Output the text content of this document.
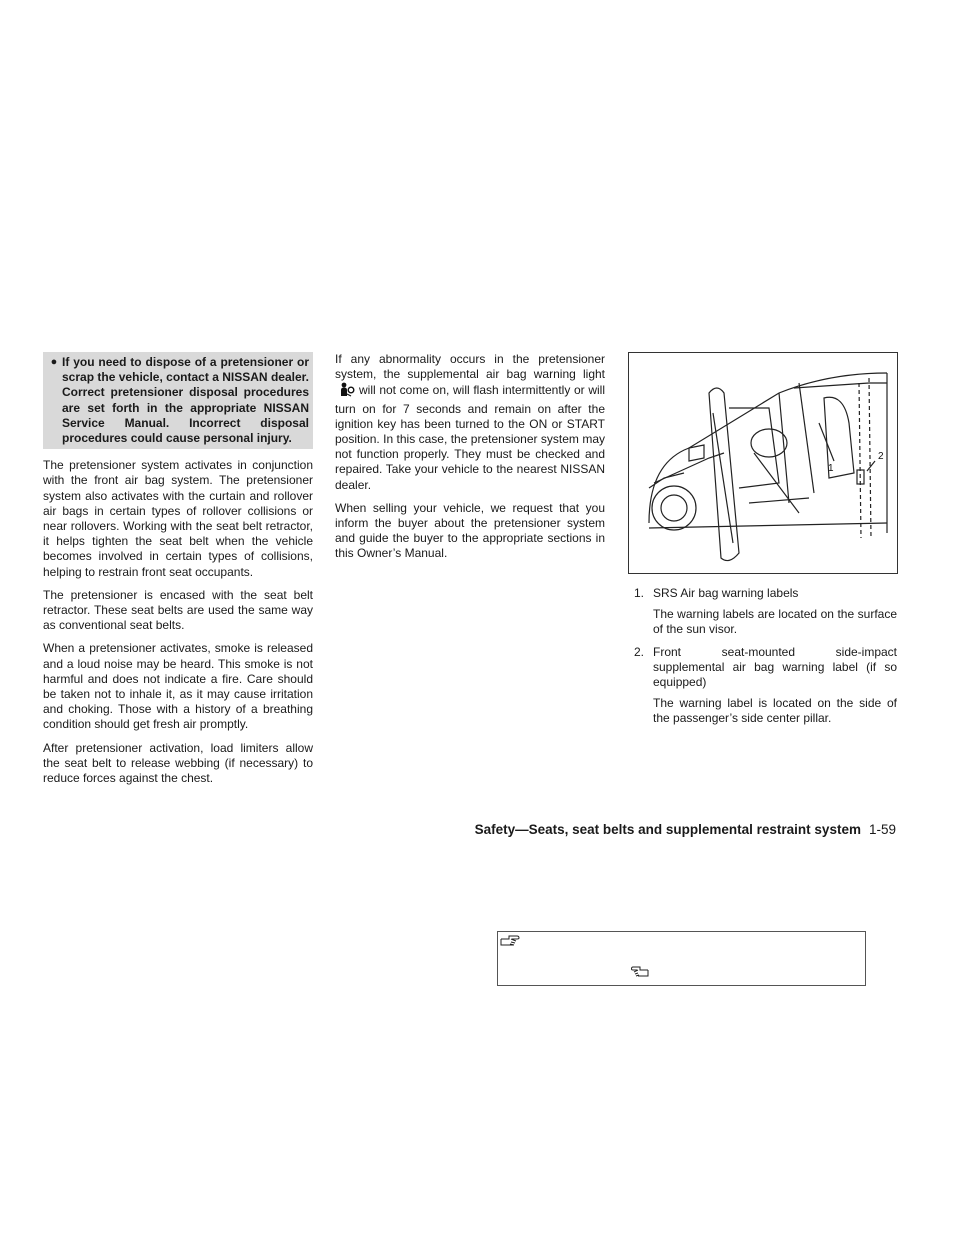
● If you need to dispose of a pretensioner or scrap the vehicle, contact a NISSAN dealer. Correct pretensioner disposal procedures are set forth in the appropriate NISSAN Service Manual. Incorrect disposal procedures could cause personal injury.

The pretensioner system activates in conjunction with the front air bag system. The pretensioner system also activates with the curtain and rollover air bags in certain types of rollover collisions or near rollovers. Working with the seat belt retractor, it helps tighten the seat belt when the vehicle becomes involved in certain types of collisions, helping to restrain front seat occupants.

The pretensioner is encased with the seat belt retractor. These seat belts are used the same way as conventional seat belts.

When a pretensioner activates, smoke is released and a loud noise may be heard. This smoke is not harmful and does not indicate a fire. Care should be taken not to inhale it, as it may cause irritation and choking. Those with a history of a breathing condition should get fresh air promptly.

After pretensioner activation, load limiters allow the seat belt to release webbing (if necessary) to reduce forces against the chest.

If any abnormality occurs in the pretensioner system, the supplemental air bag warning lightwill not come on, will flash intermittently or will turn on for 7 seconds and remain on after the ignition key has been turned to the ON or START position. In this case, the pretensioner system may not function properly. They must be checked and repaired. Take your vehicle to the nearest NISSAN dealer.

When selling your vehicle, we request that you inform the buyer about the pretensioner system and guide the buyer to the appropriate sections in this Owner’s Manual.

1
2
1. SRS Air bag warning labels
The warning labels are located on the surface of the sun visor.
2. Front seat-mounted side-impact supplemental air bag warning label (if so equipped)
The warning label is located on the side of the passenger’s side center pillar.
Safety—Seats, seat belts and supplemental restraint system 1-59
